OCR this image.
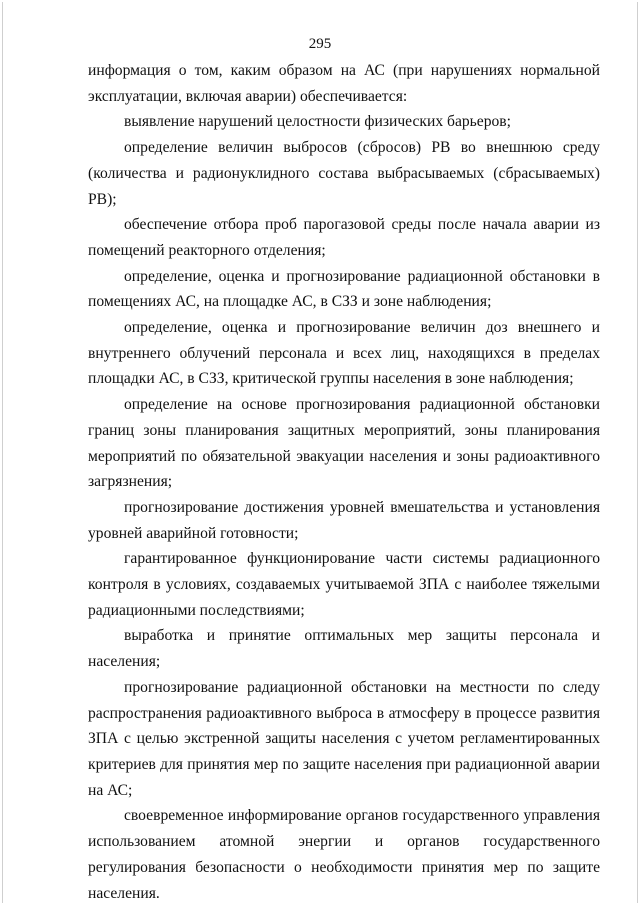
295

информация о том, каким образом на АС (при нарушениях нормальной эксплуатации, включая аварии) обеспечивается:

выявление нарушений целостности физических барьеров;

определение величин выбросов (сбросов) РВ во внешнюю среду (количества и радионуклидного состава выбрасываемых (сбрасываемых) РВ);

обеспечение отбора проб парогазовой среды после начала аварии из помещений реакторного отделения;

определение, оценка и прогнозирование радиационной обстановки в помещениях АС, на площадке АС, в СЗЗ и зоне наблюдения;

определение, оценка и прогнозирование величин доз внешнего и внутреннего облучений персонала и всех лиц, находящихся в пределах площадки АС, в СЗЗ, критической группы населения в зоне наблюдения;

определение на основе прогнозирования радиационной обстановки границ зоны планирования защитных мероприятий, зоны планирования мероприятий по обязательной эвакуации населения и зоны радиоактивного загрязнения;

прогнозирование достижения уровней вмешательства и установления уровней аварийной готовности;

гарантированное функционирование части системы радиационного контроля в условиях, создаваемых учитываемой ЗПА с наиболее тяжелыми радиационными последствиями;

выработка и принятие оптимальных мер защиты персонала и населения;

прогнозирование радиационной обстановки на местности по следу распространения радиоактивного выброса в атмосферу в процессе развития ЗПА с целью экстренной защиты населения с учетом регламентированных критериев для принятия мер по защите населения при радиационной аварии на АС;

своевременное информирование органов государственного управления использованием атомной энергии и органов государственного регулирования безопасности о необходимости принятия мер по защите населения.
